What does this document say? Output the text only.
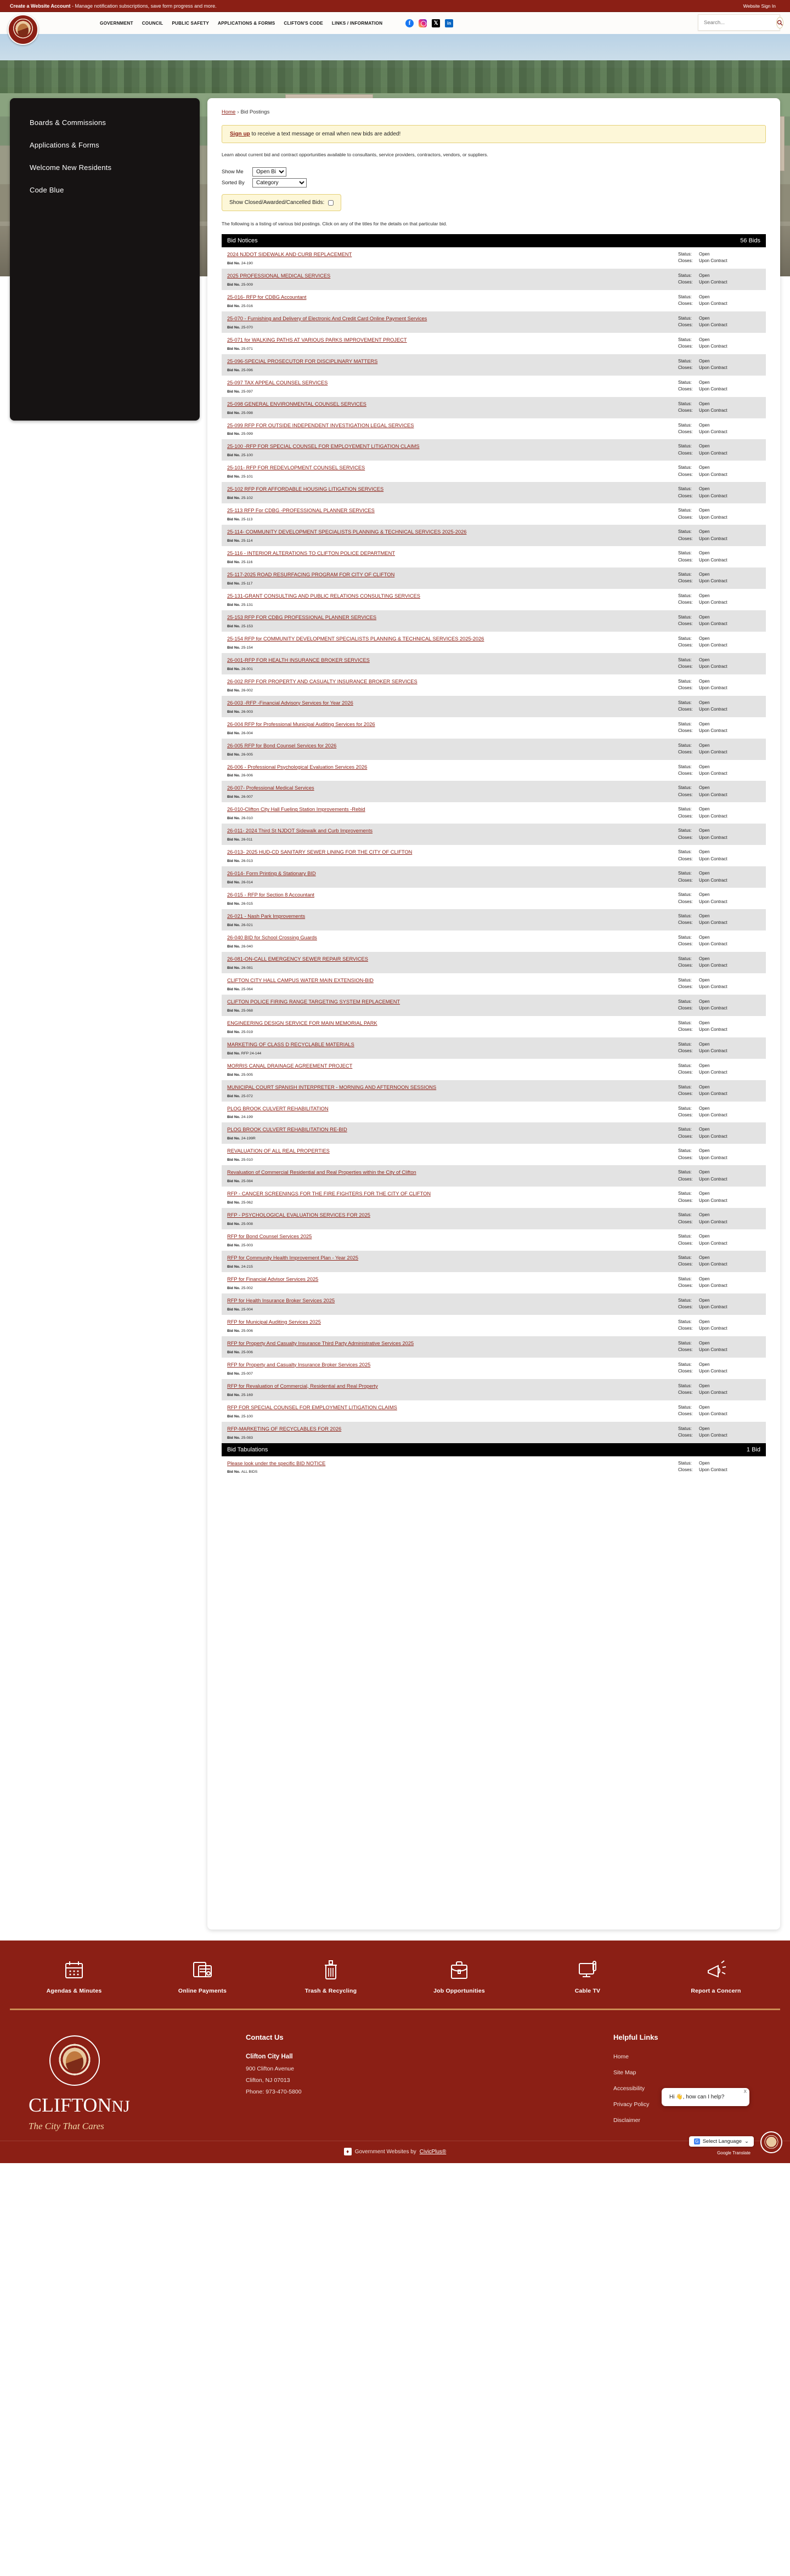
Create a Website Account - Manage notification subscriptions, save form progress and more.	Website Sign In
GOVERNMENT COUNCIL PUBLIC SAFETY APPLICATIONS & FORMS CLIFTON'S CODE LINKS / INFORMATION
f
𝕏
in
Search...
Boards & Commissions
Applications & Forms
Welcome New Residents
Code Blue
Home › Bid Postings
Sign up to receive a text message or email when new bids are added!

Learn about current bid and contract opportunities available to consultants, service providers, contractors, vendors, or suppliers.

Show Me
Open Bids
Sorted By
Category
Show Closed/Awarded/Cancelled Bids:

The following is a listing of various bid postings. Click on any of the titles for the details on that particular bid.

Bid Notices	56 Bids
2024 NJDOT SIDEWALK AND CURB REPLACEMENT
Bid No. 24-190
Status:	Open
Closes:	Upon Contract
2025 PROFESSIONAL MEDICAL SERVICES
Bid No. 25-009
Status:	Open
Closes:	Upon Contract
25-016- RFP for CDBG Accountant
Bid No. 25-016
Status:	Open
Closes:	Upon Contract
25-070 - Furnishing and Delivery of Electronic And Credit Card Online Payment Services
Bid No. 25-070
Status:	Open
Closes:	Upon Contract
25-071 for WALKING PATHS AT VARIOUS PARKS IMPROVEMENT PROJECT
Bid No. 25-071
Status:	Open
Closes:	Upon Contract
25-096-SPECIAL PROSECUTOR FOR DISCIPLINARY MATTERS
Bid No. 25-096
Status:	Open
Closes:	Upon Contract
25-097 TAX APPEAL COUNSEL SERVICES
Bid No. 25-097
Status:	Open
Closes:	Upon Contract
25-098 GENERAL ENVIRONMENTAL COUNSEL SERVICES
Bid No. 25-098
Status:	Open
Closes:	Upon Contract
25-099 RFP FOR OUTSIDE INDEPENDENT INVESTIGATION LEGAL SERVICES
Bid No. 25-099
Status:	Open
Closes:	Upon Contract
25-100 -RFP FOR SPECIAL COUNSEL FOR EMPLOYEMENT LITIGATION CLAIMS
Bid No. 25-100
Status:	Open
Closes:	Upon Contract
25-101- RFP FOR REDEVLOPMENT COUNSEL SERVICES
Bid No. 25-101
Status:	Open
Closes:	Upon Contract
25-102 RFP FOR AFFORDABLE HOUSING LITIGATION SERVICES
Bid No. 25-102
Status:	Open
Closes:	Upon Contract
25-113 RFP For CDBG -PROFESSIONAL PLANNER SERVICES
Bid No. 25-113
Status:	Open
Closes:	Upon Contract
25-114- COMMUNITY DEVELOPMENT SPECIALISTS PLANNING & TECHNICAL SERVICES 2025-2026
Bid No. 25-114
Status:	Open
Closes:	Upon Contract
25-116 - INTERIOR ALTERATIONS TO CLIFTON POLICE DEPARTMENT
Bid No. 25-116
Status:	Open
Closes:	Upon Contract
25-117-2025 ROAD RESURFACING PROGRAM FOR CITY OF CLIFTON
Bid No. 25-117
Status:	Open
Closes:	Upon Contract
25-131-GRANT CONSULTING AND PUBLIC RELATIONS CONSULTING SERVICES
Bid No. 25-131
Status:	Open
Closes:	Upon Contract
25-153 RFP FOR CDBG PROFESSIONAL PLANNER SERVICES
Bid No. 25-153
Status:	Open
Closes:	Upon Contract
25-154 RFP for COMMUNITY DEVELOPMENT SPECIALISTS PLANNING & TECHNICAL SERVICES 2025-2026
Bid No. 25-154
Status:	Open
Closes:	Upon Contract
26-001-RFP FOR HEALTH INSURANCE BROKER SERVICES
Bid No. 26-001
Status:	Open
Closes:	Upon Contract
26-002 RFP FOR PROPERTY AND CASUALTY INSURANCE BROKER SERVICES
Bid No. 26-002
Status:	Open
Closes:	Upon Contract
26-003 -RFP -Financial Advisory Services for Year 2026
Bid No. 26-003
Status:	Open
Closes:	Upon Contract
26-004 RFP for Professional Municipal Auditing Services for 2026
Bid No. 26-004
Status:	Open
Closes:	Upon Contract
26-005 RFP for Bond Counsel Services for 2026
Bid No. 26-005
Status:	Open
Closes:	Upon Contract
26-006 - Professional Psychological Evaluation Services 2026
Bid No. 26-006
Status:	Open
Closes:	Upon Contract
26-007- Professional Medical Services
Bid No. 26-007
Status:	Open
Closes:	Upon Contract
26-010-Clifton City Hall Fueling Station Improvements -Rebid
Bid No. 26-010
Status:	Open
Closes:	Upon Contract
26-011- 2024 Third St NJDOT Sidewalk and Curb Improvements
Bid No. 26-011
Status:	Open
Closes:	Upon Contract
26-013- 2025 HUD-CD SANITARY SEWER LINING FOR THE CITY OF CLIFTON
Bid No. 26-013
Status:	Open
Closes:	Upon Contract
26-014- Form Printing & Stationary BID
Bid No. 26-014
Status:	Open
Closes:	Upon Contract
26-015 - RFP for Section 8 Accountant
Bid No. 26-015
Status:	Open
Closes:	Upon Contract
26-021 - Nash Park Improvements
Bid No. 26-021
Status:	Open
Closes:	Upon Contract
26-040 BID for School Crossing Guards
Bid No. 26-040
Status:	Open
Closes:	Upon Contract
26-081-ON-CALL EMERGENCY SEWER REPAIR SERVICES
Bid No. 26-081
Status:	Open
Closes:	Upon Contract
CLIFTON CITY HALL CAMPUS WATER MAIN EXTENSION-BID
Bid No. 25-064
Status:	Open
Closes:	Upon Contract
CLIFTON POLICE FIRING RANGE TARGETING SYSTEM REPLACEMENT
Bid No. 25-068
Status:	Open
Closes:	Upon Contract
ENGINEERING DESIGN SERVICE FOR MAIN MEMORIAL PARK
Bid No. 25-019
Status:	Open
Closes:	Upon Contract
MARKETING OF CLASS D RECYCLABLE MATERIALS
Bid No. RFP 24-144
Status:	Open
Closes:	Upon Contract
MORRIS CANAL DRAINAGE AGREEMENT PROJECT
Bid No. 25-005
Status:	Open
Closes:	Upon Contract
MUNICIPAL COURT SPANISH INTERPRETER - MORNING AND AFTERNOON SESSIONS
Bid No. 25-072
Status:	Open
Closes:	Upon Contract
PLOG BROOK CULVERT REHABILITATION
Bid No. 24-199
Status:	Open
Closes:	Upon Contract
PLOG BROOK CULVERT REHABILITATION RE-BID
Bid No. 24-199R
Status:	Open
Closes:	Upon Contract
REVALUATION OF ALL REAL PROPERTIES
Bid No. 25-010
Status:	Open
Closes:	Upon Contract
Revaluation of Commercial Residential and Real Properties within the City of Clifton
Bid No. 25-084
Status:	Open
Closes:	Upon Contract
RFP - CANCER SCREENINGS FOR THE FIRE FIGHTERS FOR THE CITY OF CLIFTON
Bid No. 25-062
Status:	Open
Closes:	Upon Contract
RFP - PSYCHOLOGICAL EVALUATION SERVICES FOR 2025
Bid No. 25-008
Status:	Open
Closes:	Upon Contract
RFP for Bond Counsel Services 2025
Bid No. 25-003
Status:	Open
Closes:	Upon Contract
RFP for Community Health Improvement Plan - Year 2025
Bid No. 24-215
Status:	Open
Closes:	Upon Contract
RFP for Financial Advisor Services 2025
Bid No. 25-002
Status:	Open
Closes:	Upon Contract
RFP for Health Insurance Broker Services 2025
Bid No. 25-004
Status:	Open
Closes:	Upon Contract
RFP for Municipal Auditing Services 2025
Bid No. 25-006
Status:	Open
Closes:	Upon Contract
RFP for Property And Casualty Insurance Third Party Administrative Services 2025
Bid No. 25-006
Status:	Open
Closes:	Upon Contract
RFP for Property and Casualty Insurance Broker Services 2025
Bid No. 25-007
Status:	Open
Closes:	Upon Contract
RFP for Revaluation of Commercial, Residential and Real Property
Bid No. 25-169
Status:	Open
Closes:	Upon Contract
RFP FOR SPECIAL COUNSEL FOR EMPLOYMENT LITIGATION CLAIMS
Bid No. 25-100
Status:	Open
Closes:	Upon Contract
RFP-MARKETING OF RECYCLABLES FOR 2026
Bid No. 25-083
Status:	Open
Closes:	Upon Contract
Bid Tabulations	1 Bid
Please look under the specific BID NOTICE
Bid No. ALL BIDS
Status:	Open
Closes:	Upon Contract
Agendas & Minutes	Online Payments	Trash & Recycling	Job Opportunities	Cable TV	Report a Concern
CLIFTONNJ
The City That Cares
Contact Us
Clifton City Hall

900 Clifton Avenue

Clifton, NJ 07013

Phone: 973-470-5800

Helpful Links
Home
Site Map
Accessibility
Privacy Policy
Disclaimer
X
Hi 👋, how can I help?
G Select Language ⌄
Google Translate
♦	Government Websites by CivicPlus®
